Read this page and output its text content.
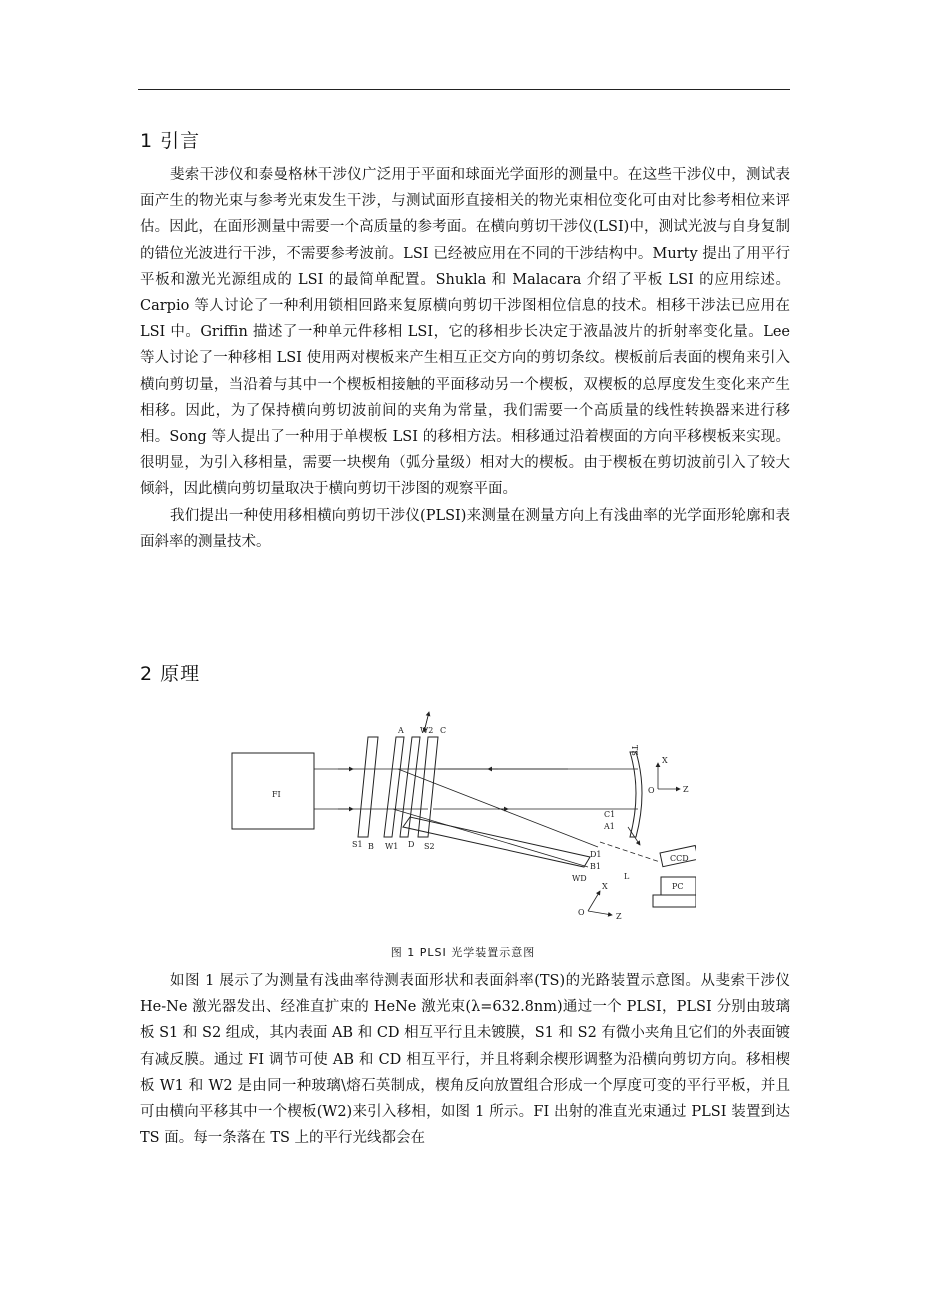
1 引言

斐索干涉仪和泰曼格林干涉仪广泛用于平面和球面光学面形的测量中。在这些干涉仪中，测试表面产生的物光束与参考光束发生干涉，与测试面形直接相关的物光束相位变化可由对比参考相位来评估。因此，在面形测量中需要一个高质量的参考面。在横向剪切干涉仪(LSI)中，测试光波与自身复制的错位光波进行干涉，不需要参考波前。LSI 已经被应用在不同的干涉结构中。Murty 提出了用平行平板和激光光源组成的 LSI 的最简单配置。Shukla 和 Malacara 介绍了平板 LSI 的应用综述。Carpio 等人讨论了一种利用锁相回路来复原横向剪切干涉图相位信息的技术。相移干涉法已应用在 LSI 中。Griffin 描述了一种单元件移相 LSI，它的移相步长决定于液晶波片的折射率变化量。Lee 等人讨论了一种移相 LSI 使用两对楔板来产生相互正交方向的剪切条纹。楔板前后表面的楔角来引入横向剪切量，当沿着与其中一个楔板相接触的平面移动另一个楔板，双楔板的总厚度发生变化来产生相移。因此，为了保持横向剪切波前间的夹角为常量，我们需要一个高质量的线性转换器来进行移相。Song 等人提出了一种用于单楔板 LSI 的移相方法。相移通过沿着楔面的方向平移楔板来实现。很明显，为引入移相量，需要一块楔角（弧分量级）相对大的楔板。由于楔板在剪切波前引入了较大倾斜，因此横向剪切量取决于横向剪切干涉图的观察平面。

我们提出一种使用移相横向剪切干涉仪(PLSI)来测量在测量方向上有浅曲率的光学面形轮廓和表面斜率的测量技术。

2 原理
FI
TS
O
X
Z
A W2 C
S1 B W1 D S2
C1
A1
D1
B1
WD	L
CCD
PC
O
X
Z
图 1 PLSI 光学装置示意图

如图 1 展示了为测量有浅曲率待测表面形状和表面斜率(TS)的光路装置示意图。从斐索干涉仪 He-Ne 激光器发出、经准直扩束的 HeNe 激光束(λ=632.8nm)通过一个 PLSI，PLSI 分别由玻璃板 S1 和 S2 组成，其内表面 AB 和 CD 相互平行且未镀膜，S1 和 S2 有微小夹角且它们的外表面镀有减反膜。通过 FI 调节可使 AB 和 CD 相互平行，并且将剩余楔形调整为沿横向剪切方向。移相楔板 W1 和 W2 是由同一种玻璃\熔石英制成，楔角反向放置组合形成一个厚度可变的平行平板，并且可由横向平移其中一个楔板(W2)来引入移相，如图 1 所示。FI 出射的准直光束通过 PLSI 装置到达 TS 面。每一条落在 TS 上的平行光线都会在
